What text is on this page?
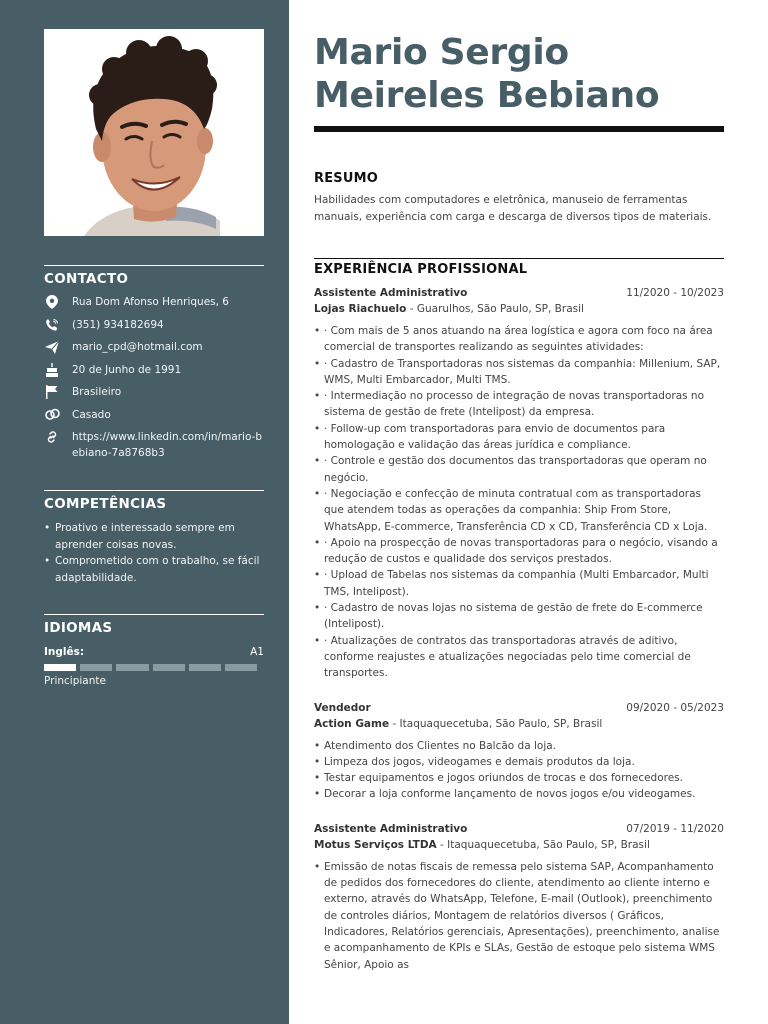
CONTACTO
Rua Dom Afonso Henriques, 6
(351) 934182694
mario_cpd@hotmail.com
20 de Junho de 1991
Brasileiro
Casado
https://www.linkedin.com/in/mario-bebiano-7a8768b3
COMPETÊNCIAS
• Proativo e interessado sempre em aprender coisas novas.
• Comprometido com o trabalho, se fácil adaptabilidade.
IDIOMAS
Inglês:	A1
Principiante
Mario Sergio
Meireles Bebiano
RESUMO

Habilidades com computadores e eletrônica, manuseio de ferramentas manuais, experiência com carga e descarga de diversos tipos de materiais.

EXPERIÊNCIA PROFISSIONAL
Assistente Administrativo	11/2020 - 10/2023
Lojas Riachuelo - Guarulhos, São Paulo, SP, Brasil
• · Com mais de 5 anos atuando na área logística e agora com foco na área comercial de transportes realizando as seguintes atividades:
• · Cadastro de Transportadoras nos sistemas da companhia: Millenium, SAP, WMS, Multi Embarcador, Multi TMS.
• · Intermediação no processo de integração de novas transportadoras no sistema de gestão de frete (Intelipost) da empresa.
• · Follow-up com transportadoras para envio de documentos para homologação e validação das áreas jurídica e compliance.
• · Controle e gestão dos documentos das transportadoras que operam no negócio.
• · Negociação e confecção de minuta contratual com as transportadoras que atendem todas as operações da companhia: Ship From Store, WhatsApp, E-commerce, Transferência CD x CD, Transferência CD x Loja.
• · Apoio na prospecção de novas transportadoras para o negócio, visando a redução de custos e qualidade dos serviços prestados.
• · Upload de Tabelas nos sistemas da companhia (Multi Embarcador, Multi TMS, Intelipost).
• · Cadastro de novas lojas no sistema de gestão de frete do E-commerce (Intelipost).
• · Atualizações de contratos das transportadoras através de aditivo, conforme reajustes e atualizações negociadas pelo time comercial de transportes.
Vendedor	09/2020 - 05/2023
Action Game - Itaquaquecetuba, São Paulo, SP, Brasil
• Atendimento dos Clientes no Balcão da loja.
• Limpeza dos jogos, videogames e demais produtos da loja.
• Testar equipamentos e jogos oriundos de trocas e dos fornecedores.
• Decorar a loja conforme lançamento de novos jogos e/ou videogames.
Assistente Administrativo	07/2019 - 11/2020
Motus Serviços LTDA - Itaquaquecetuba, São Paulo, SP, Brasil
• Emissão de notas fiscais de remessa pelo sistema SAP, Acompanhamento de pedidos dos fornecedores do cliente, atendimento ao cliente interno e externo, através do WhatsApp, Telefone, E-mail (Outlook), preenchimento de controles diários, Montagem de relatórios diversos ( Gráficos, Indicadores, Relatórios gerenciais, Apresentações), preenchimento, analise e acompanhamento de KPIs e SLAs, Gestão de estoque pelo sistema WMS Sênior, Apoio as
